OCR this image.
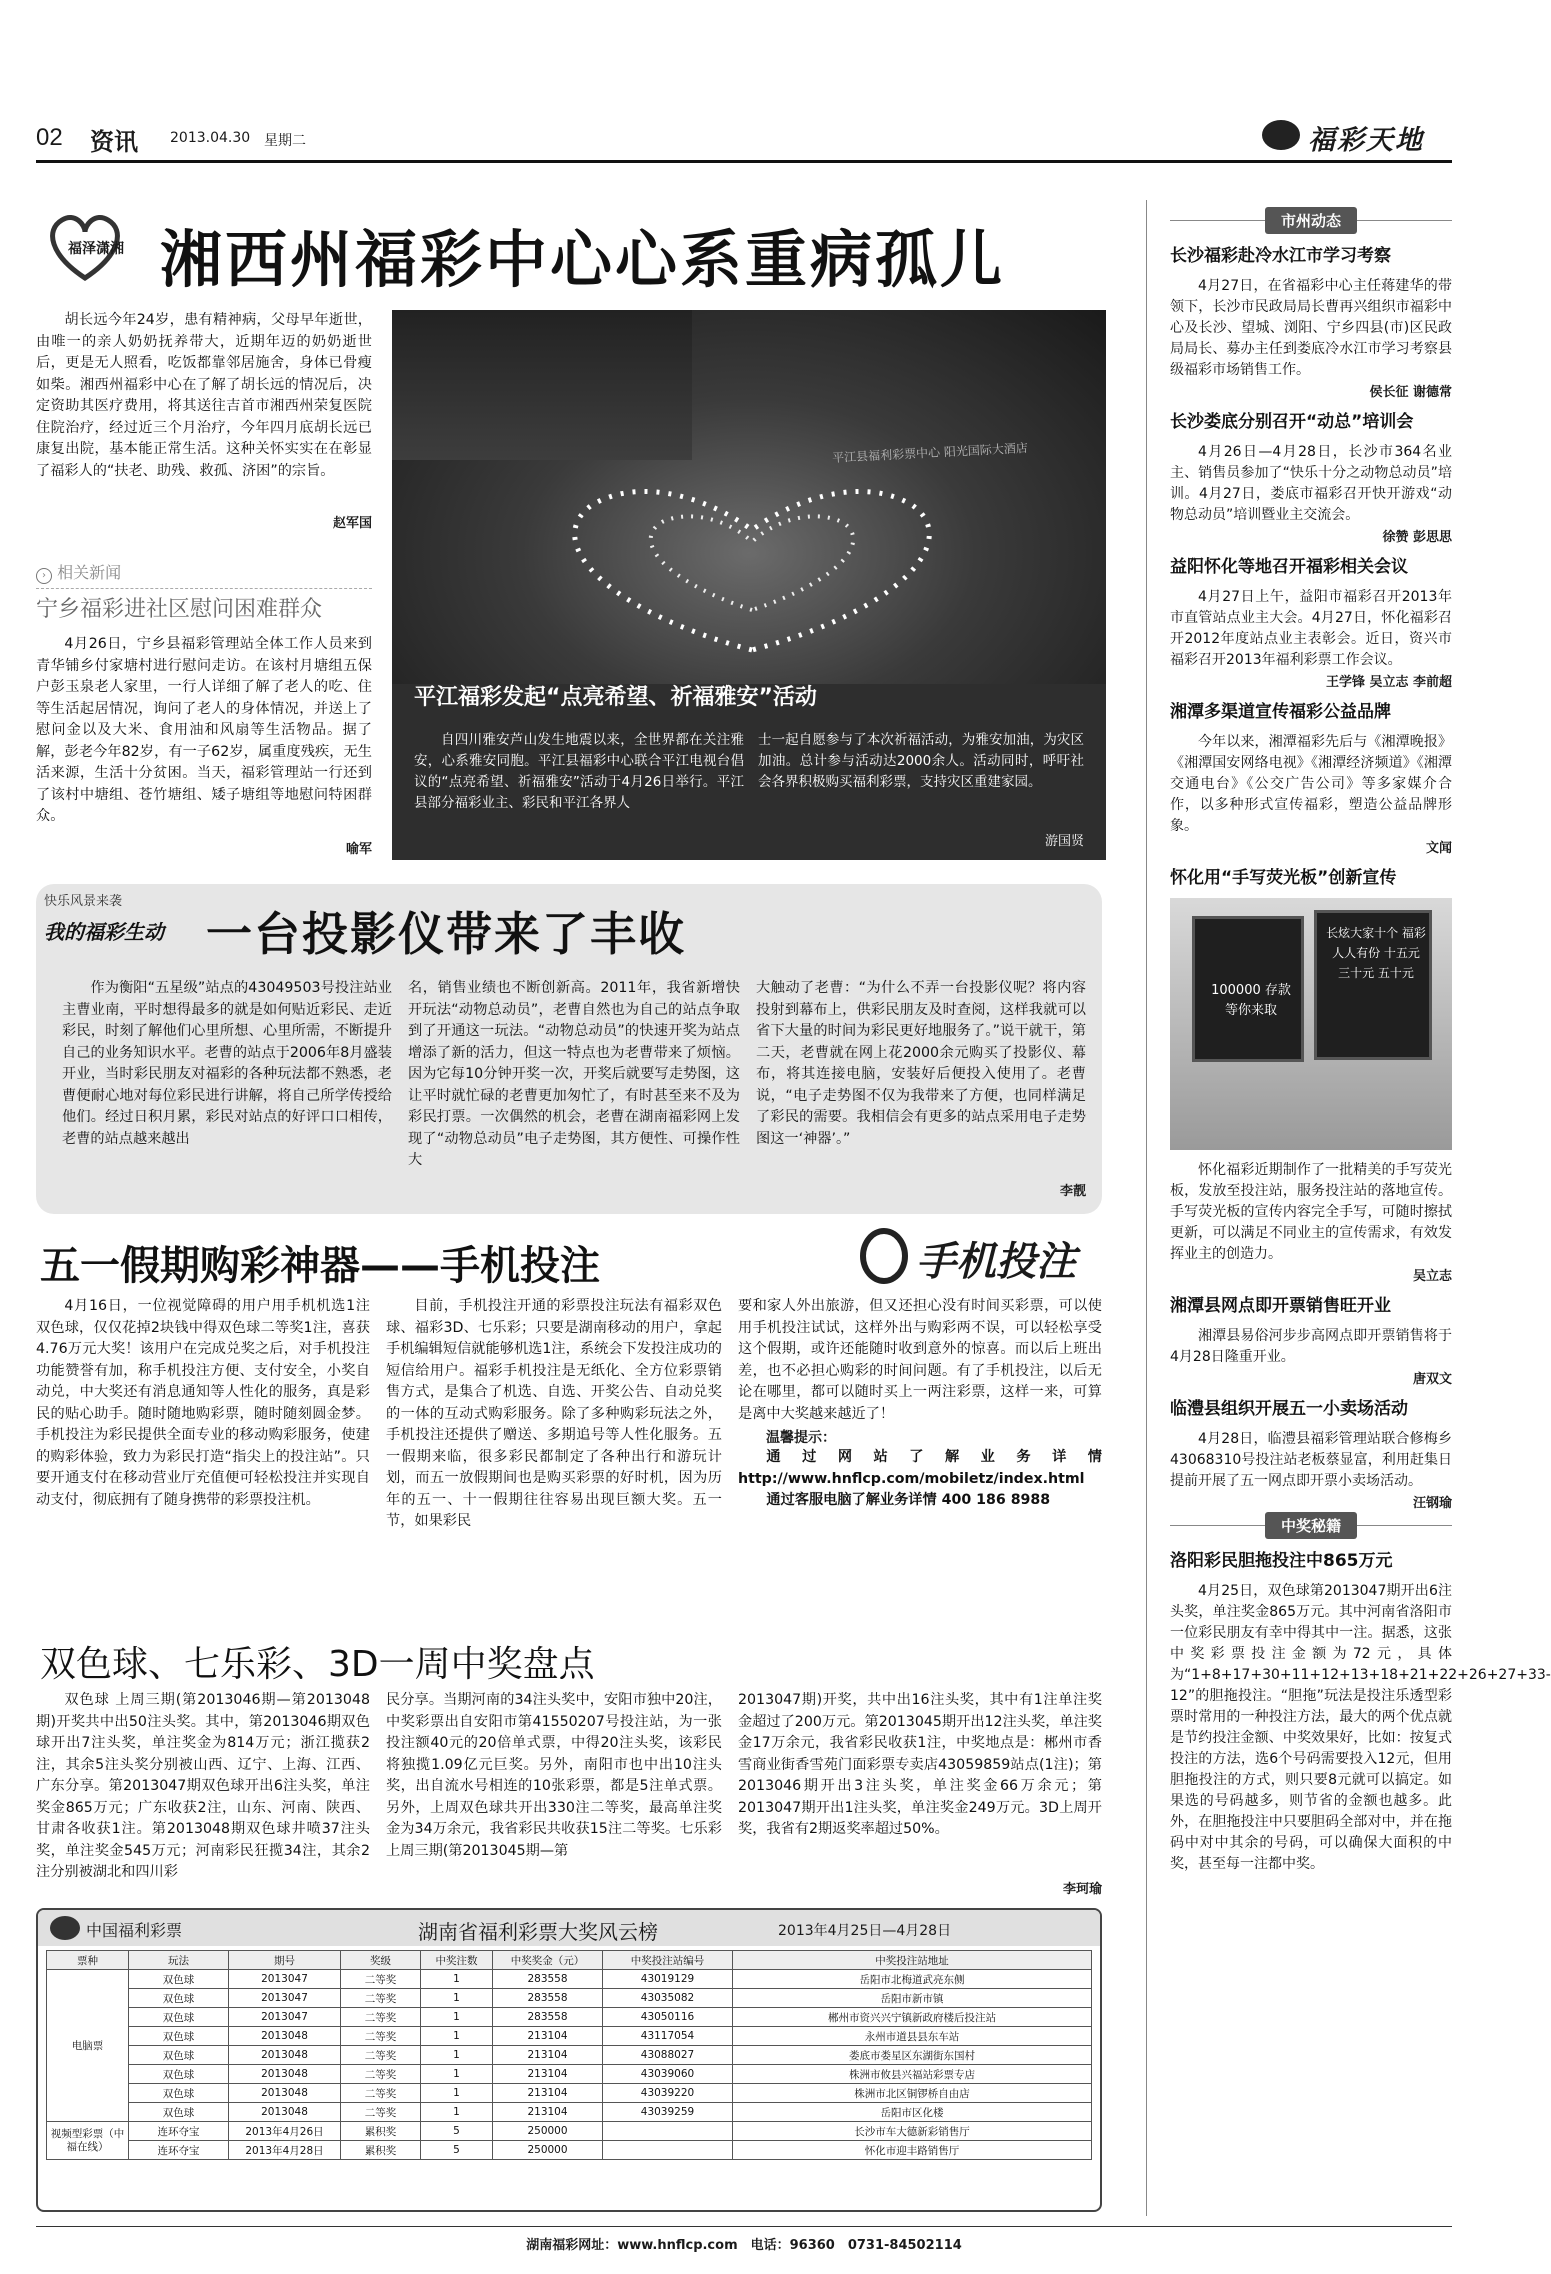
02 资讯 2013.04.30 星期二	福彩天地
福泽潇湘 湘西州福彩中心心系重病孤儿
胡长远今年24岁，患有精神病，父母早年逝世，由唯一的亲人奶奶抚养带大，近期年迈的奶奶逝世后，更是无人照看，吃饭都靠邻居施舍，身体已骨瘦如柴。湘西州福彩中心在了解了胡长远的情况后，决定资助其医疗费用，将其送往吉首市湘西州荣复医院住院治疗，经过近三个月治疗，今年四月底胡长远已康复出院，基本能正常生活。这种关怀实实在在彰显了福彩人的“扶老、助残、救孤、济困”的宗旨。
赵军国
› 相关新闻
宁乡福彩进社区慰问困难群众
4月26日，宁乡县福彩管理站全体工作人员来到青华铺乡付家塘村进行慰问走访。在该村月塘组五保户彭玉泉老人家里，一行人详细了解了老人的吃、住等生活起居情况，询问了老人的身体情况，并送上了慰问金以及大米、食用油和风扇等生活物品。据了解，彭老今年82岁，有一子62岁，属重度残疾，无生活来源，生活十分贫困。当天，福彩管理站一行还到了该村中塘组、苍竹塘组、矮子塘组等地慰问特困群众。
喻军
平江县福利彩票中心 阳光国际大酒店
平江福彩发起“点亮希望、祈福雅安”活动
自四川雅安芦山发生地震以来，全世界都在关注雅安，心系雅安同胞。平江县福彩中心联合平江电视台倡议的“点亮希望、祈福雅安”活动于4月26日举行。平江县部分福彩业主、彩民和平江各界人
士一起自愿参与了本次祈福活动，为雅安加油，为灾区加油。总计参与活动达2000余人。活动同时，呼吁社会各界积极购买福利彩票，支持灾区重建家园。
游国贤
快乐风景来袭
我的福彩生动 一台投影仪带来了丰收
作为衡阳“五星级”站点的43049503号投注站业主曹业南，平时想得最多的就是如何贴近彩民、走近彩民，时刻了解他们心里所想、心里所需，不断提升自己的业务知识水平。老曹的站点于2006年8月盛装开业，当时彩民朋友对福彩的各种玩法都不熟悉，老曹便耐心地对每位彩民进行讲解，将自己所学传授给他们。经过日积月累，彩民对站点的好评口口相传，老曹的站点越来越出
名，销售业绩也不断创新高。2011年，我省新增快开玩法“动物总动员”，老曹自然也为自己的站点争取到了开通这一玩法。“动物总动员”的快速开奖为站点增添了新的活力，但这一特点也为老曹带来了烦恼。因为它每10分钟开奖一次，开奖后就要写走势图，这让平时就忙碌的老曹更加匆忙了，有时甚至来不及为彩民打票。一次偶然的机会，老曹在湖南福彩网上发现了“动物总动员”电子走势图，其方便性、可操作性大
大触动了老曹：“为什么不弄一台投影仪呢？将内容投射到幕布上，供彩民朋友及时查阅，这样我就可以省下大量的时间为彩民更好地服务了。”说干就干，第二天，老曹就在网上花2000余元购买了投影仪、幕布，将其连接电脑，安装好后便投入使用了。老曹说，“电子走势图不仅为我带来了方便，也同样满足了彩民的需要。我相信会有更多的站点采用电子走势图这一‘神器’。”
李靓
五一假期购彩神器——手机投注	手机投注
4月16日，一位视觉障碍的用户用手机机选1注双色球，仅仅花掉2块钱中得双色球二等奖1注，喜获4.76万元大奖！该用户在完成兑奖之后，对手机投注功能赞誉有加，称手机投注方便、支付安全，小奖自动兑，中大奖还有消息通知等人性化的服务，真是彩民的贴心助手。随时随地购彩票，随时随刻圆金梦。手机投注为彩民提供全面专业的移动购彩服务，使建的购彩体验，致力为彩民打造“指尖上的投注站”。只要开通支付在移动营业厅充值便可轻松投注并实现自动支付，彻底拥有了随身携带的彩票投注机。
目前，手机投注开通的彩票投注玩法有福彩双色球、福彩3D、七乐彩；只要是湖南移动的用户，拿起手机编辑短信就能够机选1注，系统会下发投注成功的短信给用户。福彩手机投注是无纸化、全方位彩票销售方式，是集合了机选、自选、开奖公告、自动兑奖的一体的互动式购彩服务。除了多种购彩玩法之外，手机投注还提供了赠送、多期追号等人性化服务。五一假期来临，很多彩民都制定了各种出行和游玩计划，而五一放假期间也是购买彩票的好时机，因为历年的五一、十一假期往往容易出现巨额大奖。五一节，如果彩民
要和家人外出旅游，但又还担心没有时间买彩票，可以使用手机投注试试，这样外出与购彩两不误，可以轻松享受这个假期，或许还能随时收到意外的惊喜。而以后上班出差，也不必担心购彩的时间问题。有了手机投注，以后无论在哪里，都可以随时买上一两注彩票，这样一来，可算是离中大奖越来越近了！
温馨提示：
通过网站了解业务详情 http://www.hnflcp.com/mobiletz/index.html
通过客服电脑了解业务详情 400 186 8988
双色球、七乐彩、3D一周中奖盘点
双色球 上周三期(第2013046期—第2013048期)开奖共中出50注头奖。其中，第2013046期双色球开出7注头奖，单注奖金为814万元；浙江揽获2注，其余5注头奖分别被山西、辽宁、上海、江西、广东分享。第2013047期双色球开出6注头奖，单注奖金865万元；广东收获2注，山东、河南、陕西、甘肃各收获1注。第2013048期双色球井喷37注头奖，单注奖金545万元；河南彩民狂揽34注，其余2注分别被湖北和四川彩
民分享。当期河南的34注头奖中，安阳市独中20注，中奖彩票出自安阳市第41550207号投注站，为一张投注额40元的20倍单式票，中得20注头奖，该彩民将独揽1.09亿元巨奖。另外，南阳市也中出10注头奖，出自流水号相连的10张彩票，都是5注单式票。另外，上周双色球共开出330注二等奖，最高单注奖金为34万余元，我省彩民共收获15注二等奖。七乐彩 上周三期(第2013045期—第
2013047期)开奖，共中出16注头奖，其中有1注单注奖金超过了200万元。第2013045期开出12注头奖，单注奖金17万余元，我省彩民收获1注，中奖地点是：郴州市香雪商业街香雪苑门面彩票专卖店43059859站点(1注)；第2013046期开出3注头奖，单注奖金66万余元；第2013047期开出1注头奖，单注奖金249万元。3D上周开奖，我省有2期返奖率超过50%。
李珂瑜
中国福利彩票	湖南省福利彩票大奖风云榜	2013年4月25日—4月28日
票种	玩法	期号	奖级	中奖注数	中奖奖金（元）	中奖投注站编号	中奖投注站地址
电脑票	双色球	2013047	二等奖	1	283558	43019129	岳阳市北梅道武亮东侧
	双色球	2013047	二等奖	1	283558	43035082	岳阳市新市镇
	双色球	2013047	二等奖	1	283558	43050116	郴州市资兴兴宁镇新政府楼后投注站
	双色球	2013048	二等奖	1	213104	43117054	永州市道县县东车站
	双色球	2013048	二等奖	1	213104	43088027	娄底市娄星区东湖街东国村
	双色球	2013048	二等奖	1	213104	43039060	株洲市攸县兴福站彩票专店
	双色球	2013048	二等奖	1	213104	43039220	株洲市北区铜锣桥自由店
	双色球	2013048	二等奖	1	213104	43039259	岳阳市区化楼
视频型彩票（中福在线）	连环夺宝	2013年4月26日	累积奖	5	250000		长沙市车大德新彩销售厅
	连环夺宝	2013年4月28日	累积奖	5	250000		怀化市迎丰路销售厅
湖南福彩网址：www.hnflcp.com　电话：96360　0731-84502114
市州动态
长沙福彩赴冷水江市学习考察
4月27日，在省福彩中心主任蒋建华的带领下，长沙市民政局局长曹再兴组织市福彩中心及长沙、望城、浏阳、宁乡四县(市)区民政局局长、募办主任到娄底冷水江市学习考察县级福彩市场销售工作。
侯长征 谢德常
长沙娄底分别召开“动总”培训会
4月26日—4月28日，长沙市364名业主、销售员参加了“快乐十分之动物总动员”培训。4月27日，娄底市福彩召开快开游戏“动物总动员”培训暨业主交流会。
徐赞 彭思思
益阳怀化等地召开福彩相关会议
4月27日上午，益阳市福彩召开2013年市直管站点业主大会。4月27日，怀化福彩召开2012年度站点业主表彰会。近日，资兴市福彩召开2013年福利彩票工作会议。
王学锋 吴立志 李前超
湘潭多渠道宣传福彩公益品牌
今年以来，湘潭福彩先后与《湘潭晚报》《湘潭国安网络电视》《湘潭经济频道》《湘潭交通电台》《公交广告公司》等多家媒介合作，以多种形式宣传福彩，塑造公益品牌形象。
文闻
怀化用“手写荧光板”创新宣传
100000 存款 等你来取
长炫大家十个 福彩 人人有份 十五元 三十元 五十元
怀化福彩近期制作了一批精美的手写荧光板，发放至投注站，服务投注站的落地宣传。手写荧光板的宣传内容完全手写，可随时擦拭更新，可以满足不同业主的宣传需求，有效发挥业主的创造力。
吴立志
湘潭县网点即开票销售旺开业
湘潭县易俗河步步高网点即开票销售将于4月28日隆重开业。
唐双文
临澧县组织开展五一小卖场活动
4月28日，临澧县福彩管理站联合修梅乡43068310号投注站老板蔡显富，利用赶集日提前开展了五一网点即开票小卖场活动。
汪钢瑜
中奖秘籍
洛阳彩民胆拖投注中865万元
4月25日，双色球第2013047期开出6注头奖，单注奖金865万元。其中河南省洛阳市一位彩民朋友有幸中得其中一注。据悉，这张中奖彩票投注金额为72元，具体为“1+8+17+30+11+12+13+18+21+22+26+27+33-12”的胆拖投注。“胆拖”玩法是投注乐透型彩票时常用的一种投注方法，最大的两个优点就是节约投注金额、中奖效果好，比如：按复式投注的方法，选6个号码需要投入12元，但用胆拖投注的方式，则只要8元就可以搞定。如果选的号码越多，则节省的金额也越多。此外，在胆拖投注中只要胆码全部对中，并在拖码中对中其余的号码，可以确保大面积的中奖，甚至每一注都中奖。
